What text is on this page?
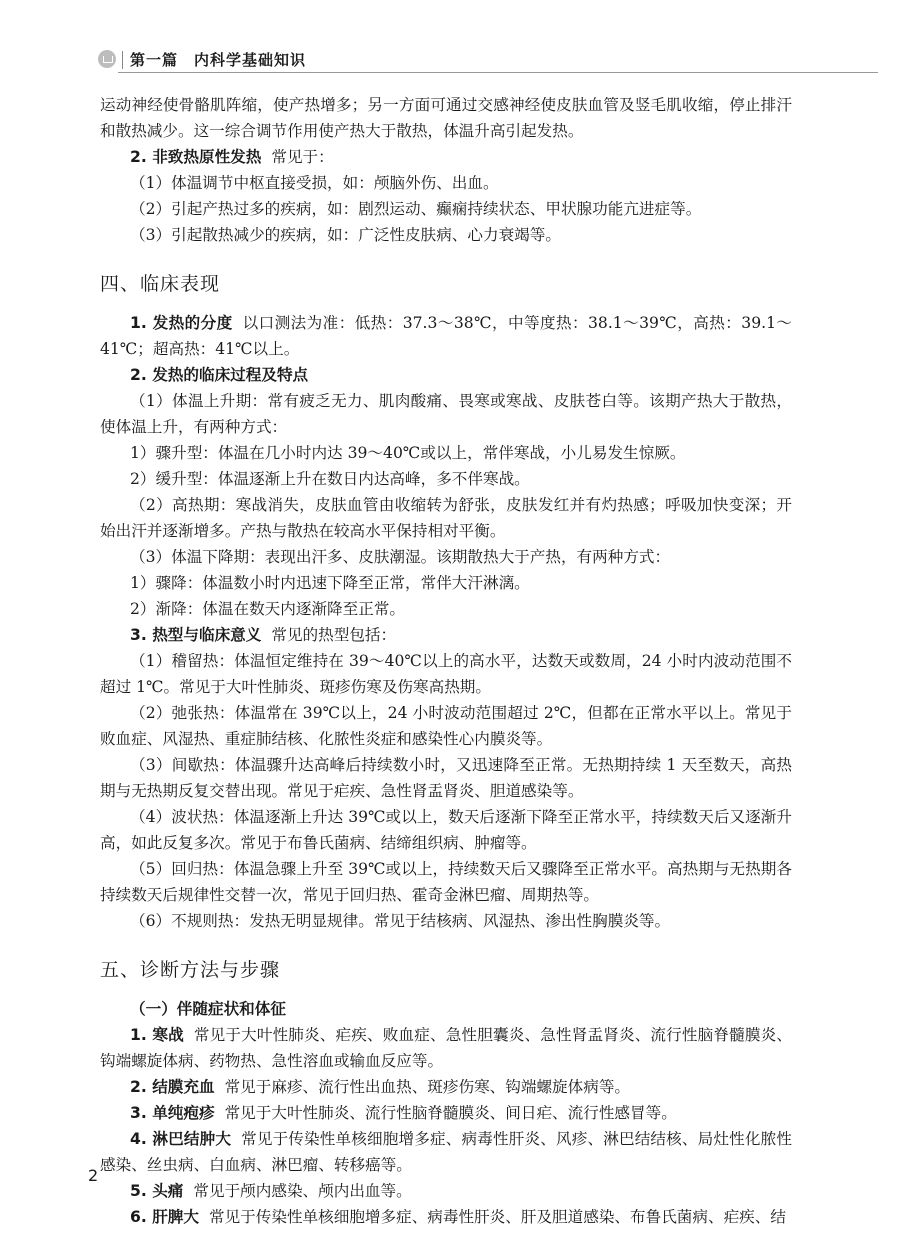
第一篇　内科学基础知识

运动神经使骨骼肌阵缩，使产热增多；另一方面可通过交感神经使皮肤血管及竖毛肌收缩，停止排汗和散热减少。这一综合调节作用使产热大于散热，体温升高引起发热。

2. 非致热原性发热 常见于：

（1）体温调节中枢直接受损，如：颅脑外伤、出血。

（2）引起产热过多的疾病，如：剧烈运动、癫痫持续状态、甲状腺功能亢进症等。

（3）引起散热减少的疾病，如：广泛性皮肤病、心力衰竭等。

四、临床表现

1. 发热的分度 以口测法为准：低热：37.3～38℃，中等度热：38.1～39℃，高热：39.1～41℃；超高热：41℃以上。

2. 发热的临床过程及特点

（1）体温上升期：常有疲乏无力、肌肉酸痛、畏寒或寒战、皮肤苍白等。该期产热大于散热，使体温上升，有两种方式：

1）骤升型：体温在几小时内达 39～40℃或以上，常伴寒战，小儿易发生惊厥。

2）缓升型：体温逐渐上升在数日内达高峰，多不伴寒战。

（2）高热期：寒战消失，皮肤血管由收缩转为舒张，皮肤发红并有灼热感；呼吸加快变深；开始出汗并逐渐增多。产热与散热在较高水平保持相对平衡。

（3）体温下降期：表现出汗多、皮肤潮湿。该期散热大于产热，有两种方式：

1）骤降：体温数小时内迅速下降至正常，常伴大汗淋漓。

2）渐降：体温在数天内逐渐降至正常。

3. 热型与临床意义 常见的热型包括：

（1）稽留热：体温恒定维持在 39～40℃以上的高水平，达数天或数周，24 小时内波动范围不超过 1℃。常见于大叶性肺炎、斑疹伤寒及伤寒高热期。

（2）弛张热：体温常在 39℃以上，24 小时波动范围超过 2℃，但都在正常水平以上。常见于败血症、风湿热、重症肺结核、化脓性炎症和感染性心内膜炎等。

（3）间歇热：体温骤升达高峰后持续数小时，又迅速降至正常。无热期持续 1 天至数天，高热期与无热期反复交替出现。常见于疟疾、急性肾盂肾炎、胆道感染等。

（4）波状热：体温逐渐上升达 39℃或以上，数天后逐渐下降至正常水平，持续数天后又逐渐升高，如此反复多次。常见于布鲁氏菌病、结缔组织病、肿瘤等。

（5）回归热：体温急骤上升至 39℃或以上，持续数天后又骤降至正常水平。高热期与无热期各持续数天后规律性交替一次，常见于回归热、霍奇金淋巴瘤、周期热等。

（6）不规则热：发热无明显规律。常见于结核病、风湿热、渗出性胸膜炎等。

五、诊断方法与步骤

（一）伴随症状和体征

1. 寒战 常见于大叶性肺炎、疟疾、败血症、急性胆囊炎、急性肾盂肾炎、流行性脑脊髓膜炎、钩端螺旋体病、药物热、急性溶血或输血反应等。

2. 结膜充血 常见于麻疹、流行性出血热、斑疹伤寒、钩端螺旋体病等。

3. 单纯疱疹 常见于大叶性肺炎、流行性脑脊髓膜炎、间日疟、流行性感冒等。

4. 淋巴结肿大 常见于传染性单核细胞增多症、病毒性肝炎、风疹、淋巴结结核、局灶性化脓性感染、丝虫病、白血病、淋巴瘤、转移癌等。

5. 头痛 常见于颅内感染、颅内出血等。

6. 肝脾大 常见于传染性单核细胞增多症、病毒性肝炎、肝及胆道感染、布鲁氏菌病、疟疾、结

2
